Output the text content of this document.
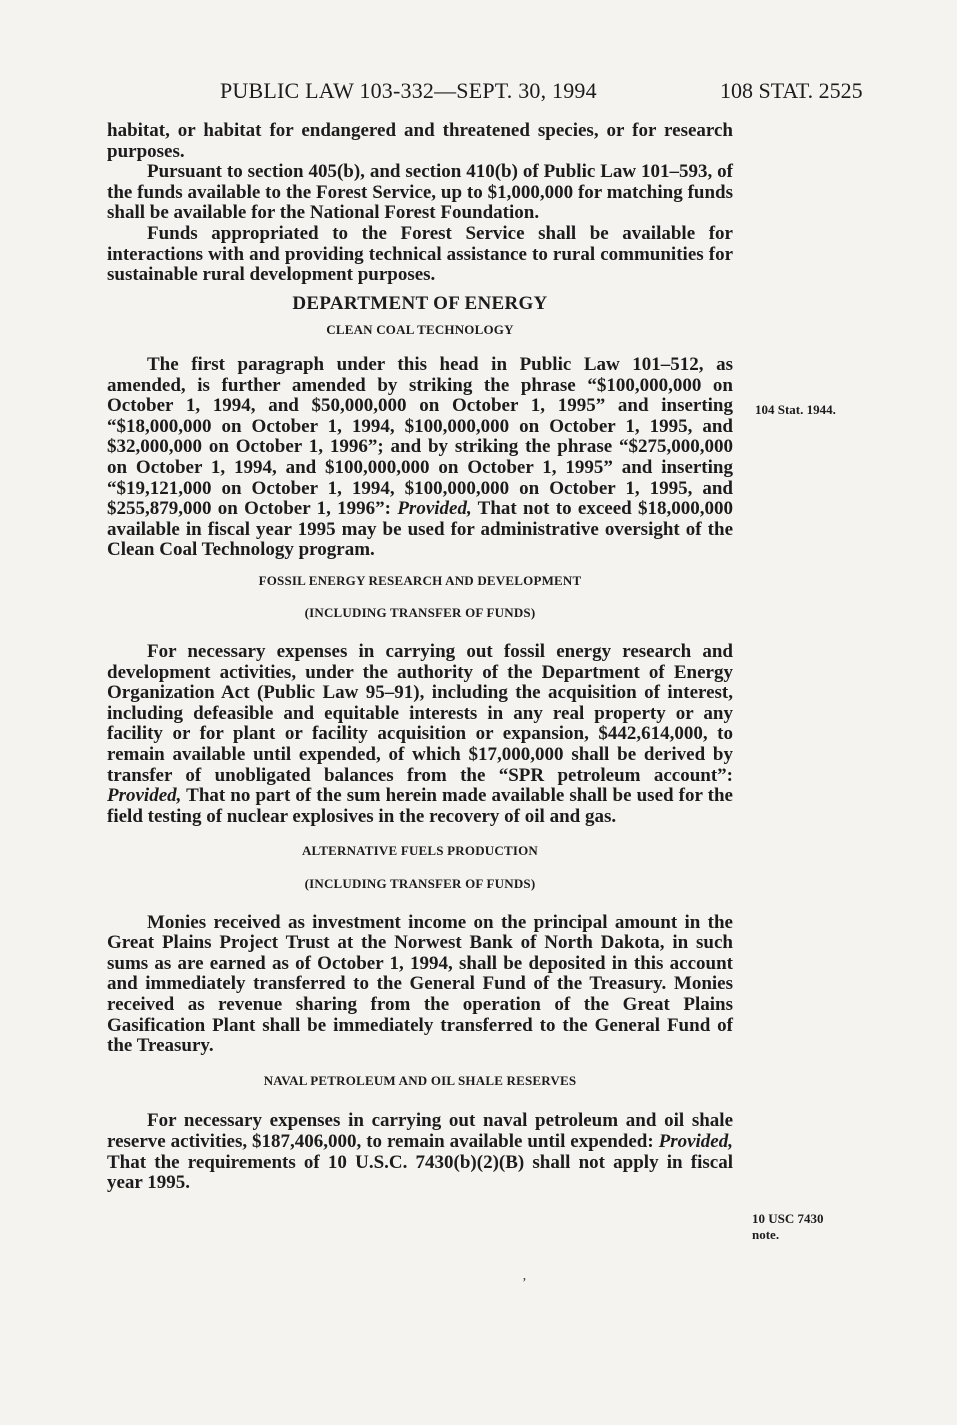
PUBLIC LAW 103-332—SEPT. 30, 1994	108 STAT. 2525

habitat, or habitat for endangered and threatened species, or for research purposes.

Pursuant to section 405(b), and section 410(b) of Public Law 101–593, of the funds available to the Forest Service, up to $1,000,000 for matching funds shall be available for the National Forest Foundation.

Funds appropriated to the Forest Service shall be available for interactions with and providing technical assistance to rural communities for sustainable rural development purposes.

DEPARTMENT OF ENERGY
CLEAN COAL TECHNOLOGY

The first paragraph under this head in Public Law 101–512, as amended, is further amended by striking the phrase “$100,000,000 on October 1, 1994, and $50,000,000 on October 1, 1995” and inserting “$18,000,000 on October 1, 1994, $100,000,000 on October 1, 1995, and $32,000,000 on October 1, 1996”; and by striking the phrase “$275,000,000 on October 1, 1994, and $100,000,000 on October 1, 1995” and inserting “$19,121,000 on October 1, 1994, $100,000,000 on October 1, 1995, and $255,879,000 on October 1, 1996”: Provided, That not to exceed $18,000,000 available in fiscal year 1995 may be used for administrative oversight of the Clean Coal Technology program.

FOSSIL ENERGY RESEARCH AND DEVELOPMENT
(INCLUDING TRANSFER OF FUNDS)

For necessary expenses in carrying out fossil energy research and development activities, under the authority of the Department of Energy Organization Act (Public Law 95–91), including the acquisition of interest, including defeasible and equitable interests in any real property or any facility or for plant or facility acquisition or expansion, $442,614,000, to remain available until expended, of which $17,000,000 shall be derived by transfer of unobligated balances from the “SPR petroleum account”: Provided, That no part of the sum herein made available shall be used for the field testing of nuclear explosives in the recovery of oil and gas.

ALTERNATIVE FUELS PRODUCTION
(INCLUDING TRANSFER OF FUNDS)

Monies received as investment income on the principal amount in the Great Plains Project Trust at the Norwest Bank of North Dakota, in such sums as are earned as of October 1, 1994, shall be deposited in this account and immediately transferred to the General Fund of the Treasury. Monies received as revenue sharing from the operation of the Great Plains Gasification Plant shall be immediately transferred to the General Fund of the Treasury.

NAVAL PETROLEUM AND OIL SHALE RESERVES

For necessary expenses in carrying out naval petroleum and oil shale reserve activities, $187,406,000, to remain available until expended: Provided, That the requirements of 10 U.S.C. 7430(b)(2)(B) shall not apply in fiscal year 1995.

104 Stat. 1944.
10 USC 7430
note.
’
